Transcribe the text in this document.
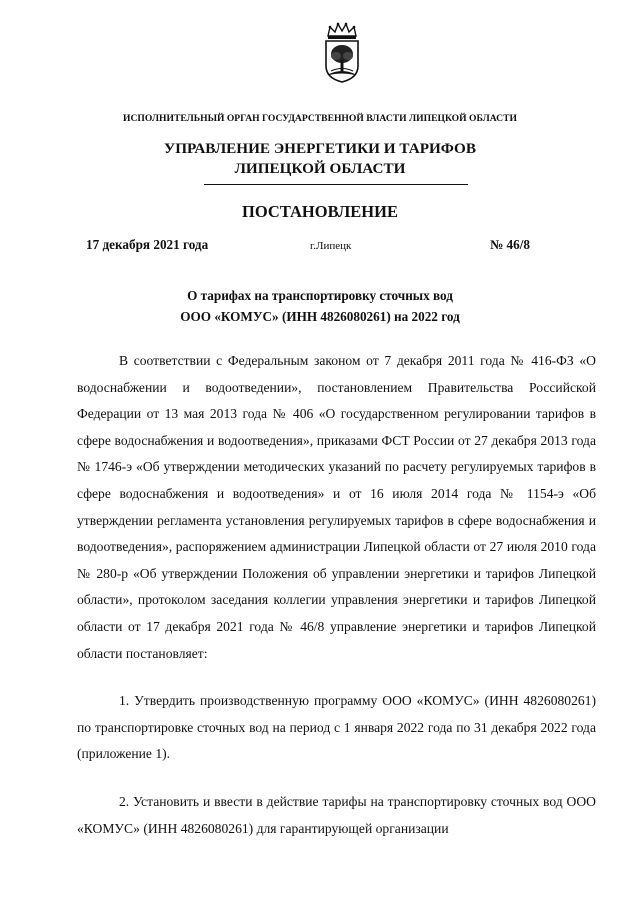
ИСПОЛНИТЕЛЬНЫЙ ОРГАН ГОСУДАРСТВЕННОЙ ВЛАСТИ ЛИПЕЦКОЙ ОБЛАСТИ
УПРАВЛЕНИЕ ЭНЕРГЕТИКИ И ТАРИФОВ
ЛИПЕЦКОЙ ОБЛАСТИ
ПОСТАНОВЛЕНИЕ
17 декабря 2021 года	г.Липецк	№ 46/8
О тарифах на транспортировку сточных вод
ООО «КОМУС» (ИНН 4826080261) на 2022 год

В соответствии с Федеральным законом от 7 декабря 2011 года № 416-ФЗ «О водоснабжении и водоотведении», постановлением Правительства Российской Федерации от 13 мая 2013 года № 406 «О государственном регулировании тарифов в сфере водоснабжения и водоотведения», приказами ФСТ России от 27 декабря 2013 года № 1746-э «Об утверждении методических указаний по расчету регулируемых тарифов в сфере водоснабжения и водоотведения» и от 16 июля 2014 года № 1154-э «Об утверждении регламента установления регулируемых тарифов в сфере водоснабжения и водоотведения», распоряжением администрации Липецкой области от 27 июля 2010 года № 280-р «Об утверждении Положения об управлении энергетики и тарифов Липецкой области», протоколом заседания коллегии управления энергетики и тарифов Липецкой области от 17 декабря 2021 года № 46/8 управление энергетики и тарифов Липецкой области постановляет:

1. Утвердить производственную программу ООО «КОМУС» (ИНН 4826080261) по транспортировке сточных вод на период с 1 января 2022 года по 31 декабря 2022 года (приложение 1).

2. Установить и ввести в действие тарифы на транспортировку сточных вод ООО «КОМУС» (ИНН 4826080261) для гарантирующей организации
